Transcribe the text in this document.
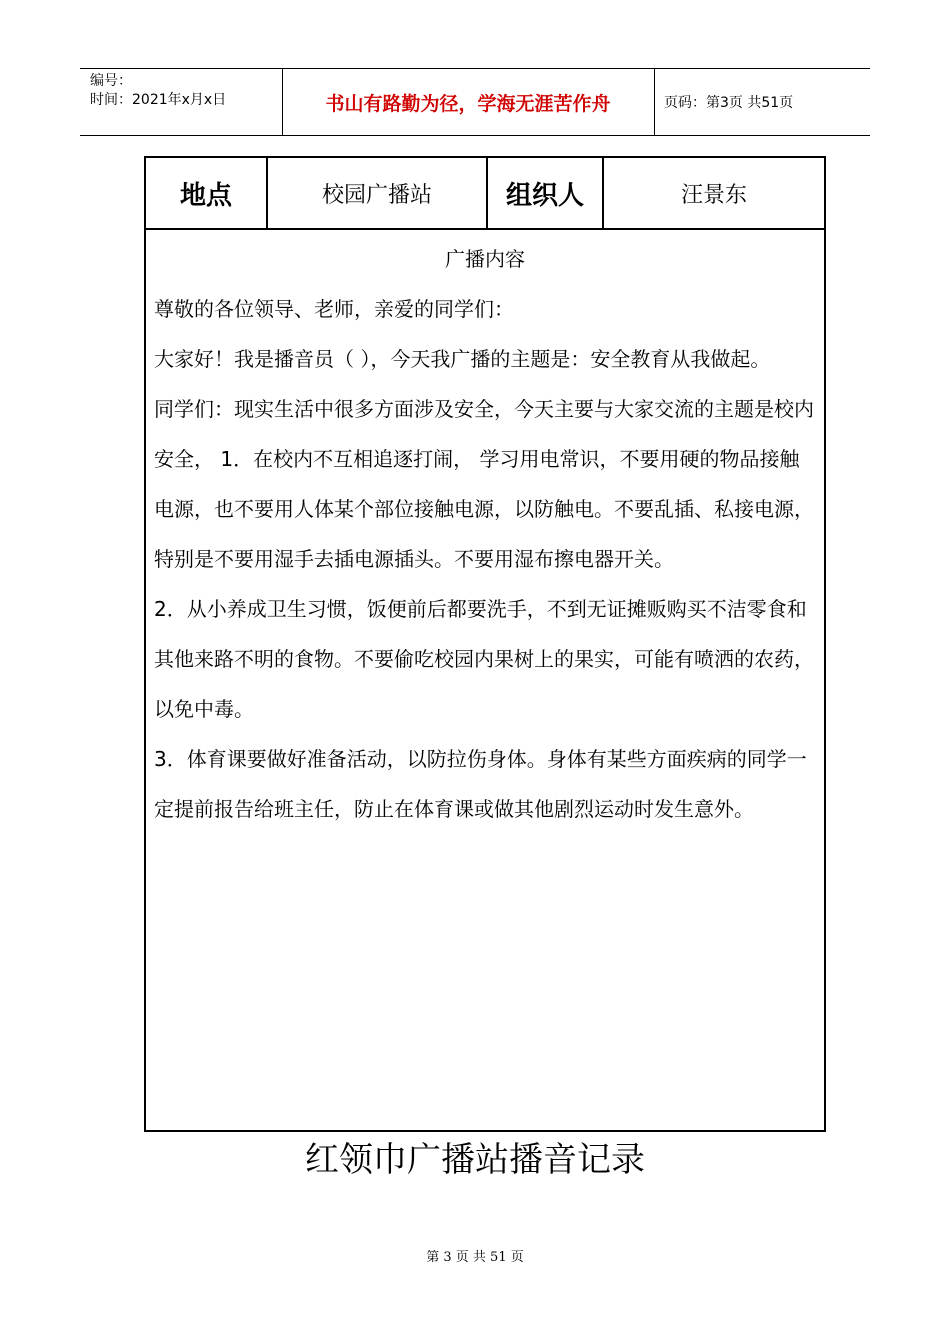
编号：
时间：2021年x月x日	书山有路勤为径，学海无涯苦作舟	页码：第3页 共51页
地点	校园广播站	组织人	汪景东
广播内容

尊敬的各位领导、老师，亲爱的同学们：

大家好！我是播音员（ ），今天我广播的主题是：安全教育从我做起。

同学们：现实生活中很多方面涉及安全，今天主要与大家交流的主题是校内安全， 1．在校内不互相追逐打闹， 学习用电常识，不要用硬的物品接触电源，也不要用人体某个部位接触电源，以防触电。不要乱插、私接电源，特别是不要用湿手去插电源插头。不要用湿布擦电器开关。

2．从小养成卫生习惯，饭便前后都要洗手，不到无证摊贩购买不洁零食和其他来路不明的食物。不要偷吃校园内果树上的果实，可能有喷洒的农药，以免中毒。

3．体育课要做好准备活动，以防拉伤身体。身体有某些方面疾病的同学一定提前报告给班主任，防止在体育课或做其他剧烈运动时发生意外。

红领巾广播站播音记录
第 3 页 共 51 页
